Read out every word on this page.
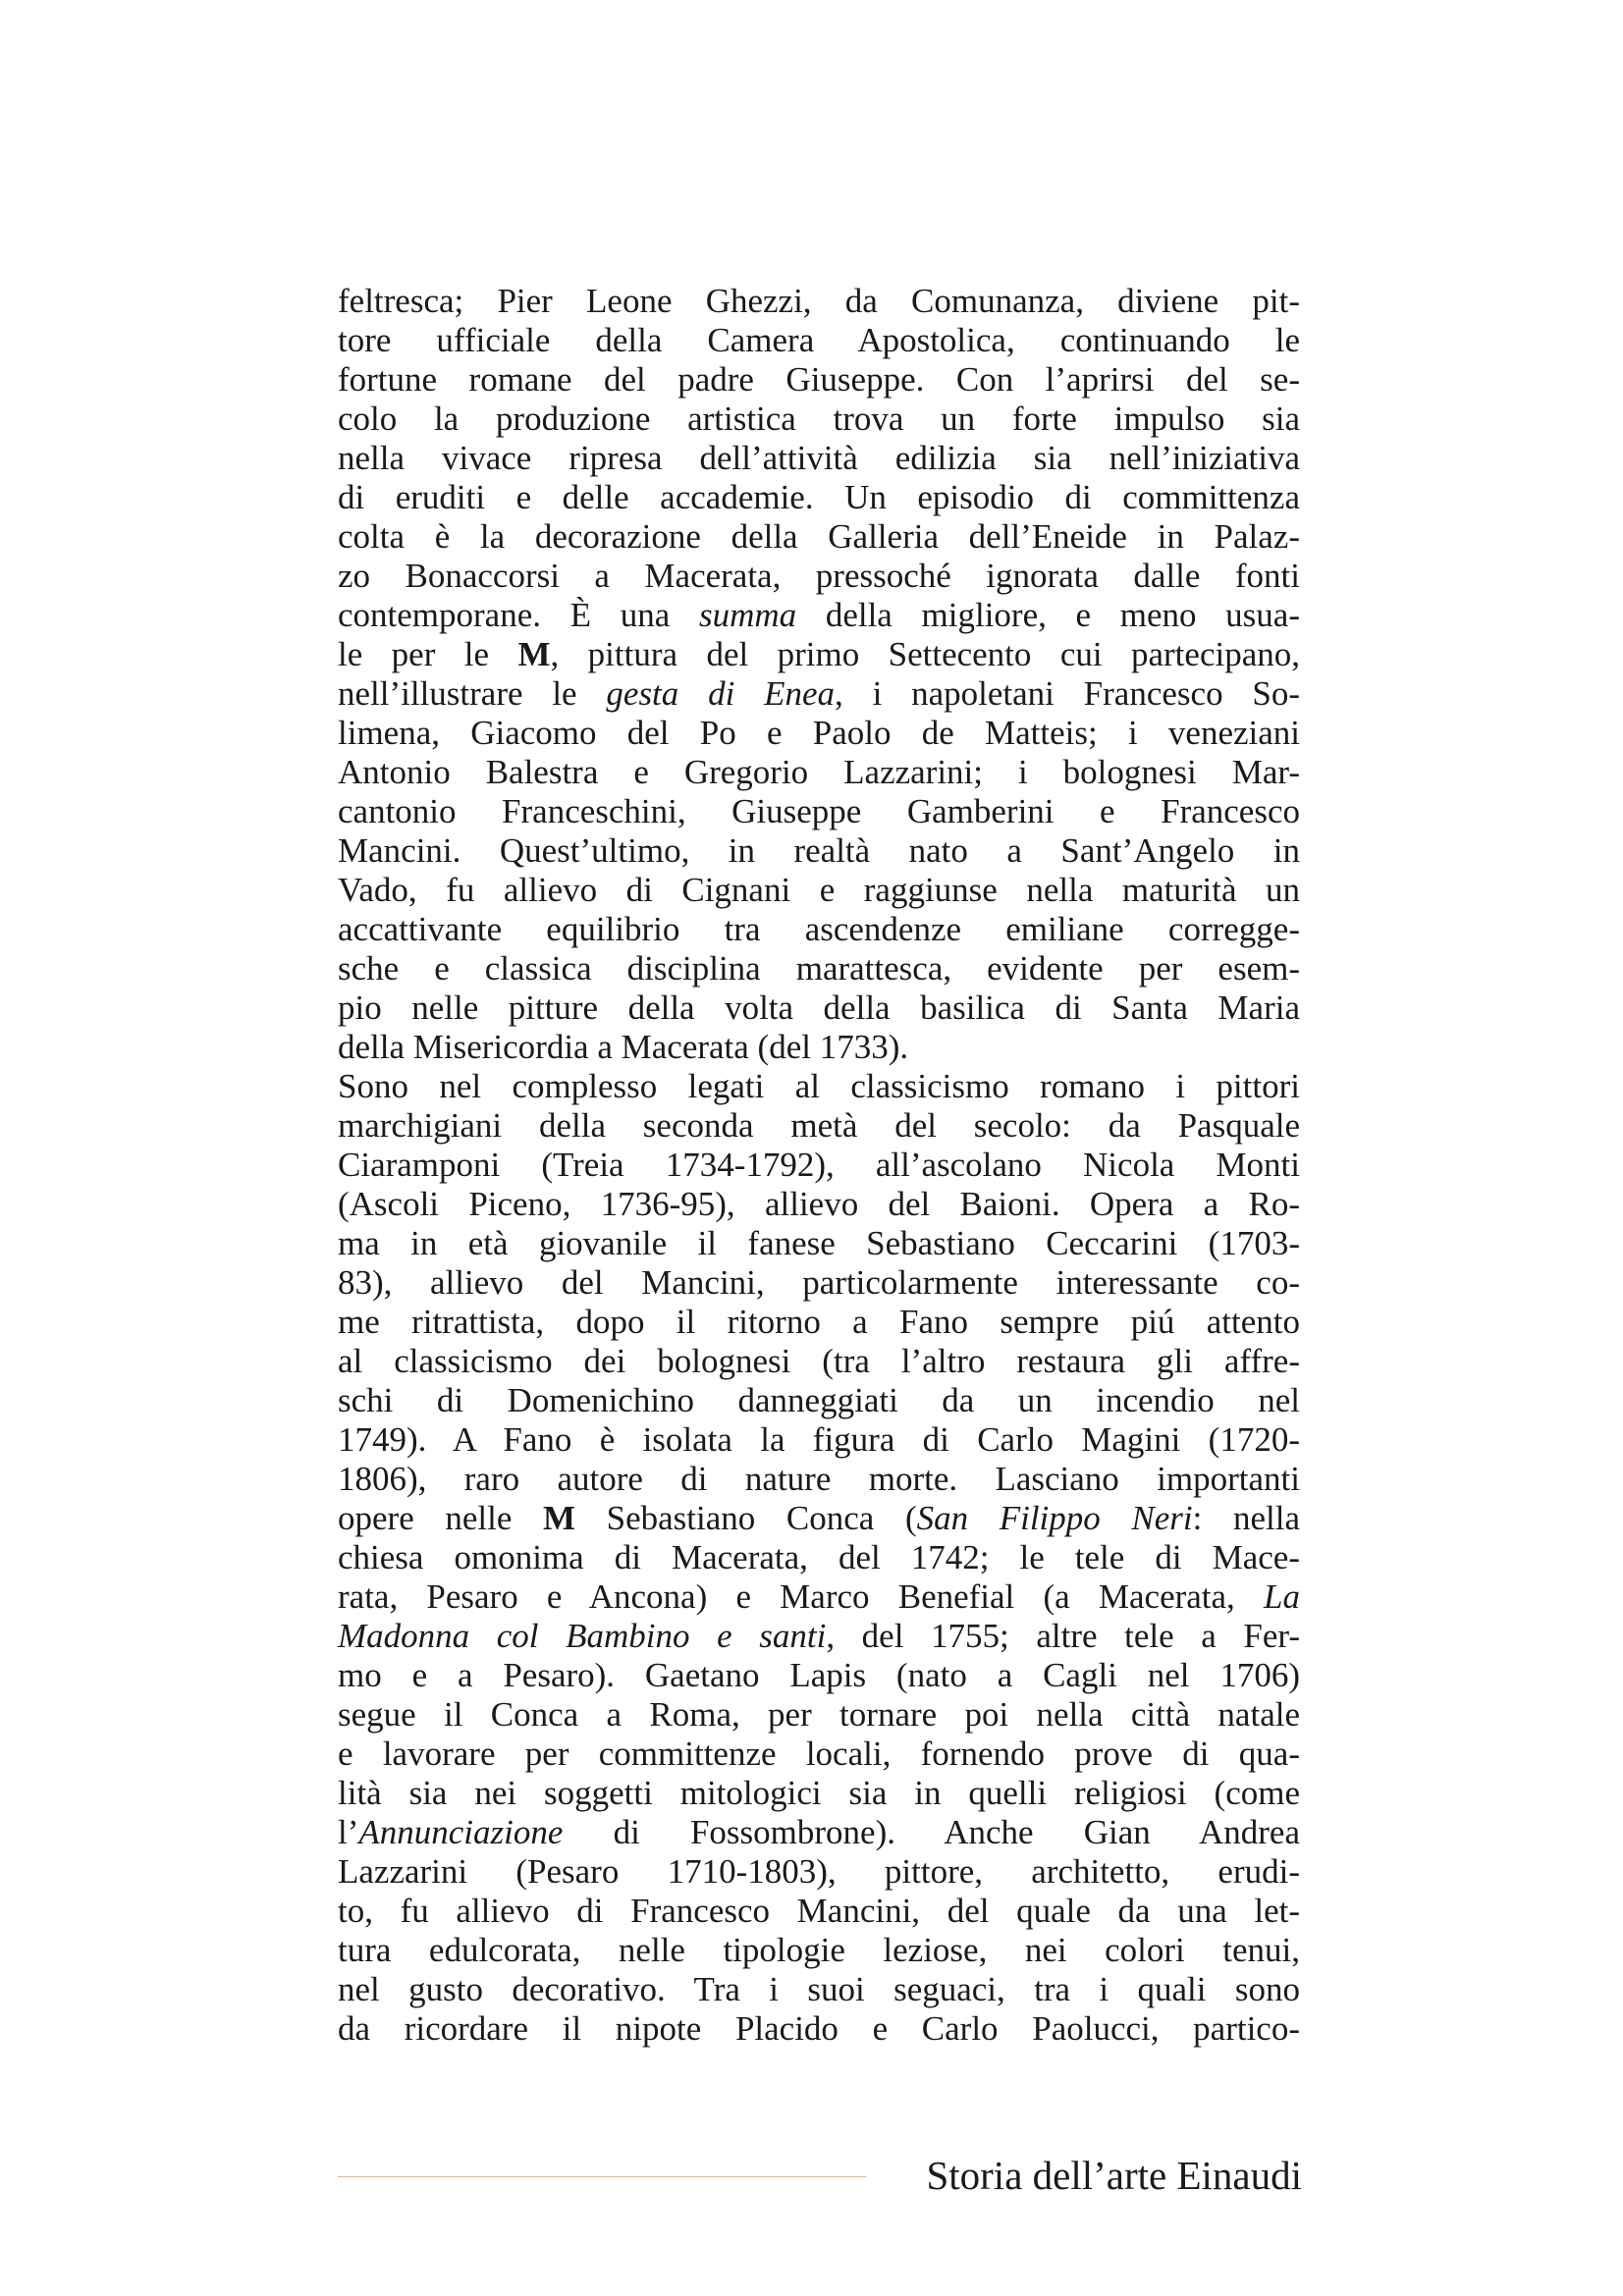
feltresca; Pier Leone Ghezzi, da Comunanza, diviene pit-
tore ufficiale della Camera Apostolica, continuando le
fortune romane del padre Giuseppe. Con l’aprirsi del se-
colo la produzione artistica trova un forte impulso sia
nella vivace ripresa dell’attività edilizia sia nell’iniziativa
di eruditi e delle accademie. Un episodio di committenza
colta è la decorazione della Galleria dell’Eneide in Palaz-
zo Bonaccorsi a Macerata, pressoché ignorata dalle fonti
contemporane. È una summa della migliore, e meno usua-
le per le M, pittura del primo Settecento cui partecipano,
nell’illustrare le gesta di Enea, i napoletani Francesco So-
limena, Giacomo del Po e Paolo de Matteis; i veneziani
Antonio Balestra e Gregorio Lazzarini; i bolognesi Mar-
cantonio Franceschini, Giuseppe Gamberini e Francesco
Mancini. Quest’ultimo, in realtà nato a Sant’Angelo in
Vado, fu allievo di Cignani e raggiunse nella maturità un
accattivante equilibrio tra ascendenze emiliane corregge-
sche e classica disciplina marattesca, evidente per esem-
pio nelle pitture della volta della basilica di Santa Maria
della Misericordia a Macerata (del 1733).
Sono nel complesso legati al classicismo romano i pittori
marchigiani della seconda metà del secolo: da Pasquale
Ciaramponi (Treia 1734-1792), all’ascolano Nicola Monti
(Ascoli Piceno, 1736-95), allievo del Baioni. Opera a Ro-
ma in età giovanile il fanese Sebastiano Ceccarini (1703-
83), allievo del Mancini, particolarmente interessante co-
me ritrattista, dopo il ritorno a Fano sempre piú attento
al classicismo dei bolognesi (tra l’altro restaura gli affre-
schi di Domenichino danneggiati da un incendio nel
1749). A Fano è isolata la figura di Carlo Magini (1720-
1806), raro autore di nature morte. Lasciano importanti
opere nelle M Sebastiano Conca (San Filippo Neri: nella
chiesa omonima di Macerata, del 1742; le tele di Mace-
rata, Pesaro e Ancona) e Marco Benefial (a Macerata, La
Madonna col Bambino e santi, del 1755; altre tele a Fer-
mo e a Pesaro). Gaetano Lapis (nato a Cagli nel 1706)
segue il Conca a Roma, per tornare poi nella città natale
e lavorare per committenze locali, fornendo prove di qua-
lità sia nei soggetti mitologici sia in quelli religiosi (come
l’Annunciazione di Fossombrone). Anche Gian Andrea
Lazzarini (Pesaro 1710-1803), pittore, architetto, erudi-
to, fu allievo di Francesco Mancini, del quale da una let-
tura edulcorata, nelle tipologie leziose, nei colori tenui,
nel gusto decorativo. Tra i suoi seguaci, tra i quali sono
da ricordare il nipote Placido e Carlo Paolucci, partico-
Storia dell’arte Einaudi
